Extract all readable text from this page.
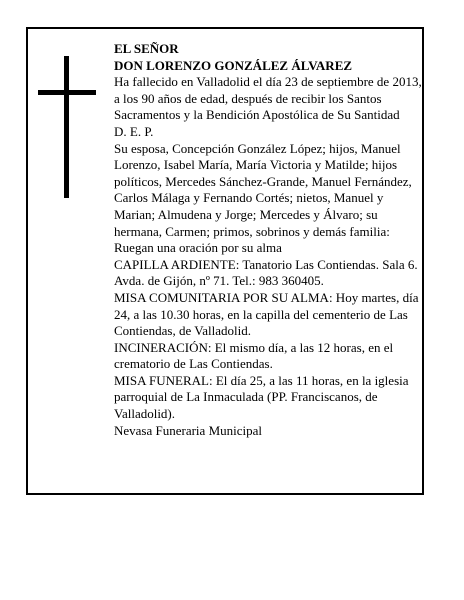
EL SEÑOR

DON LORENZO GONZÁLEZ ÁLVAREZ

Ha fallecido en Valladolid el día 23 de septiembre de 2013, a los 90 años de edad, después de recibir los Santos Sacramentos y la Bendición Apostólica de Su Santidad

D. E. P.

Su esposa, Concepción González López; hijos, Manuel Lorenzo, Isabel María, María Victoria y Matilde; hijos políticos, Mercedes Sánchez-Grande, Manuel Fernández, Carlos Málaga y Fernando Cortés; nietos, Manuel y Marian; Almudena y Jorge; Mercedes y Álvaro; su hermana, Carmen; primos, sobrinos y demás familia:

Ruegan una oración por su alma

CAPILLA ARDIENTE: Tanatorio Las Contiendas. Sala 6. Avda. de Gijón, nº 71. Tel.: 983 360405.

MISA COMUNITARIA POR SU ALMA: Hoy martes, día 24, a las 10.30 horas, en la capilla del cementerio de Las Contiendas, de Valladolid.

INCINERACIÓN: El mismo día, a las 12 horas, en el crematorio de Las Contiendas.

MISA FUNERAL: El día 25, a las 11 horas, en la iglesia parroquial de La Inmaculada (PP. Franciscanos, de Valladolid).

Nevasa Funeraria Municipal
